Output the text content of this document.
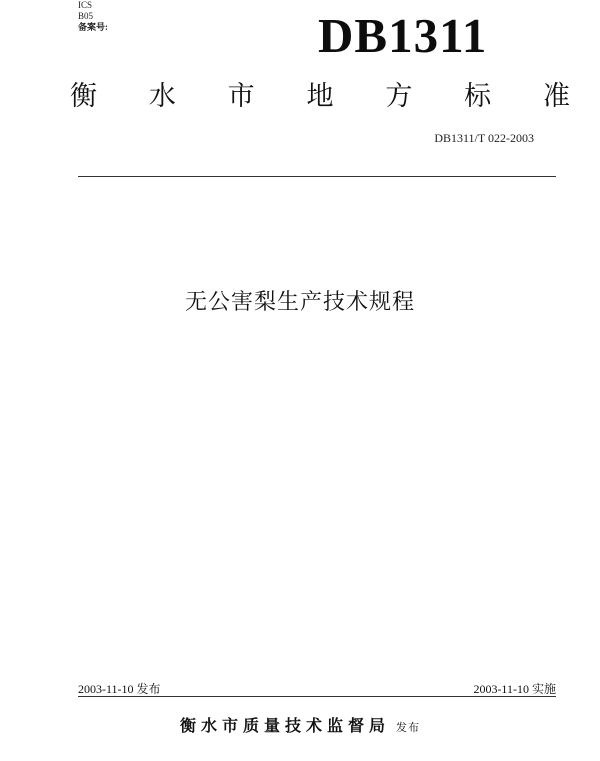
ICS
B05
备案号:	DB1311
衡 水 市 地 方 标 准
DB1311/T 022-2003
无公害梨生产技术规程
2003-11-10 发布	2003-11-10 实施
衡水市质量技术监督局 发布
